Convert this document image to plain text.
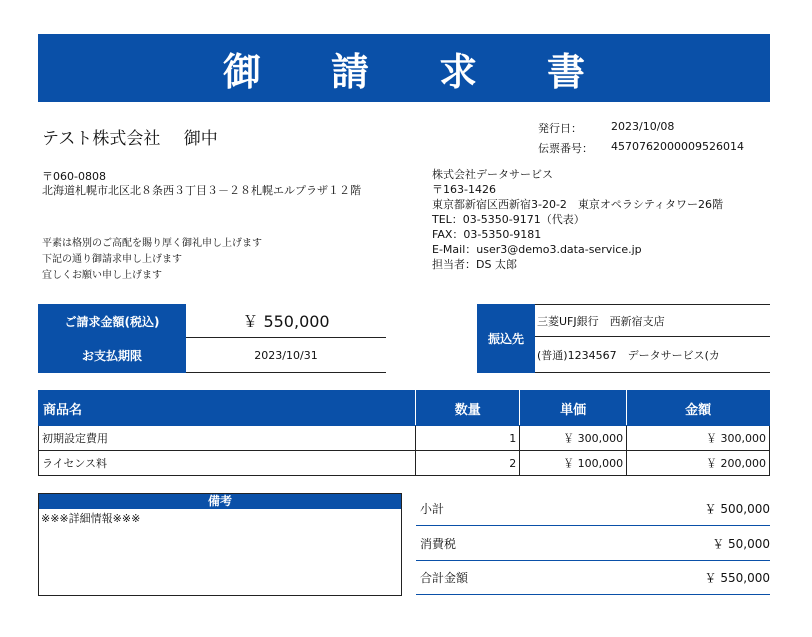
御 請 求 書
テスト株式会社 御中
発行日：	2023/10/08
伝票番号：	4570762000009526014
〒060-0808
北海道札幌市北区北８条西３丁目３－２８札幌エルプラザ１２階
平素は格別のご高配を賜り厚く御礼申し上げます
下記の通り御請求申し上げます
宜しくお願い申し上げます
株式会社データサービス
〒163-1426
東京都新宿区西新宿3-20-2　東京オペラシティタワー26階
TEL：03-5350-9171（代表）
FAX：03-5350-9181
E-Mail：user3@demo3.data-service.jp
担当者：DS 太郎
ご請求金額(税込)	￥ 550,000
お支払期限	2023/10/31
振込先
三菱UFJ銀行　西新宿支店
(普通)1234567　データサービス(カ
商品名	数量	単価	金額
初期設定費用	1	￥ 300,000	￥ 300,000
ライセンス料	2	￥ 100,000	￥ 200,000
備考
※※※詳細情報※※※
小計	￥ 500,000
消費税	￥ 50,000
合計金額	￥ 550,000
